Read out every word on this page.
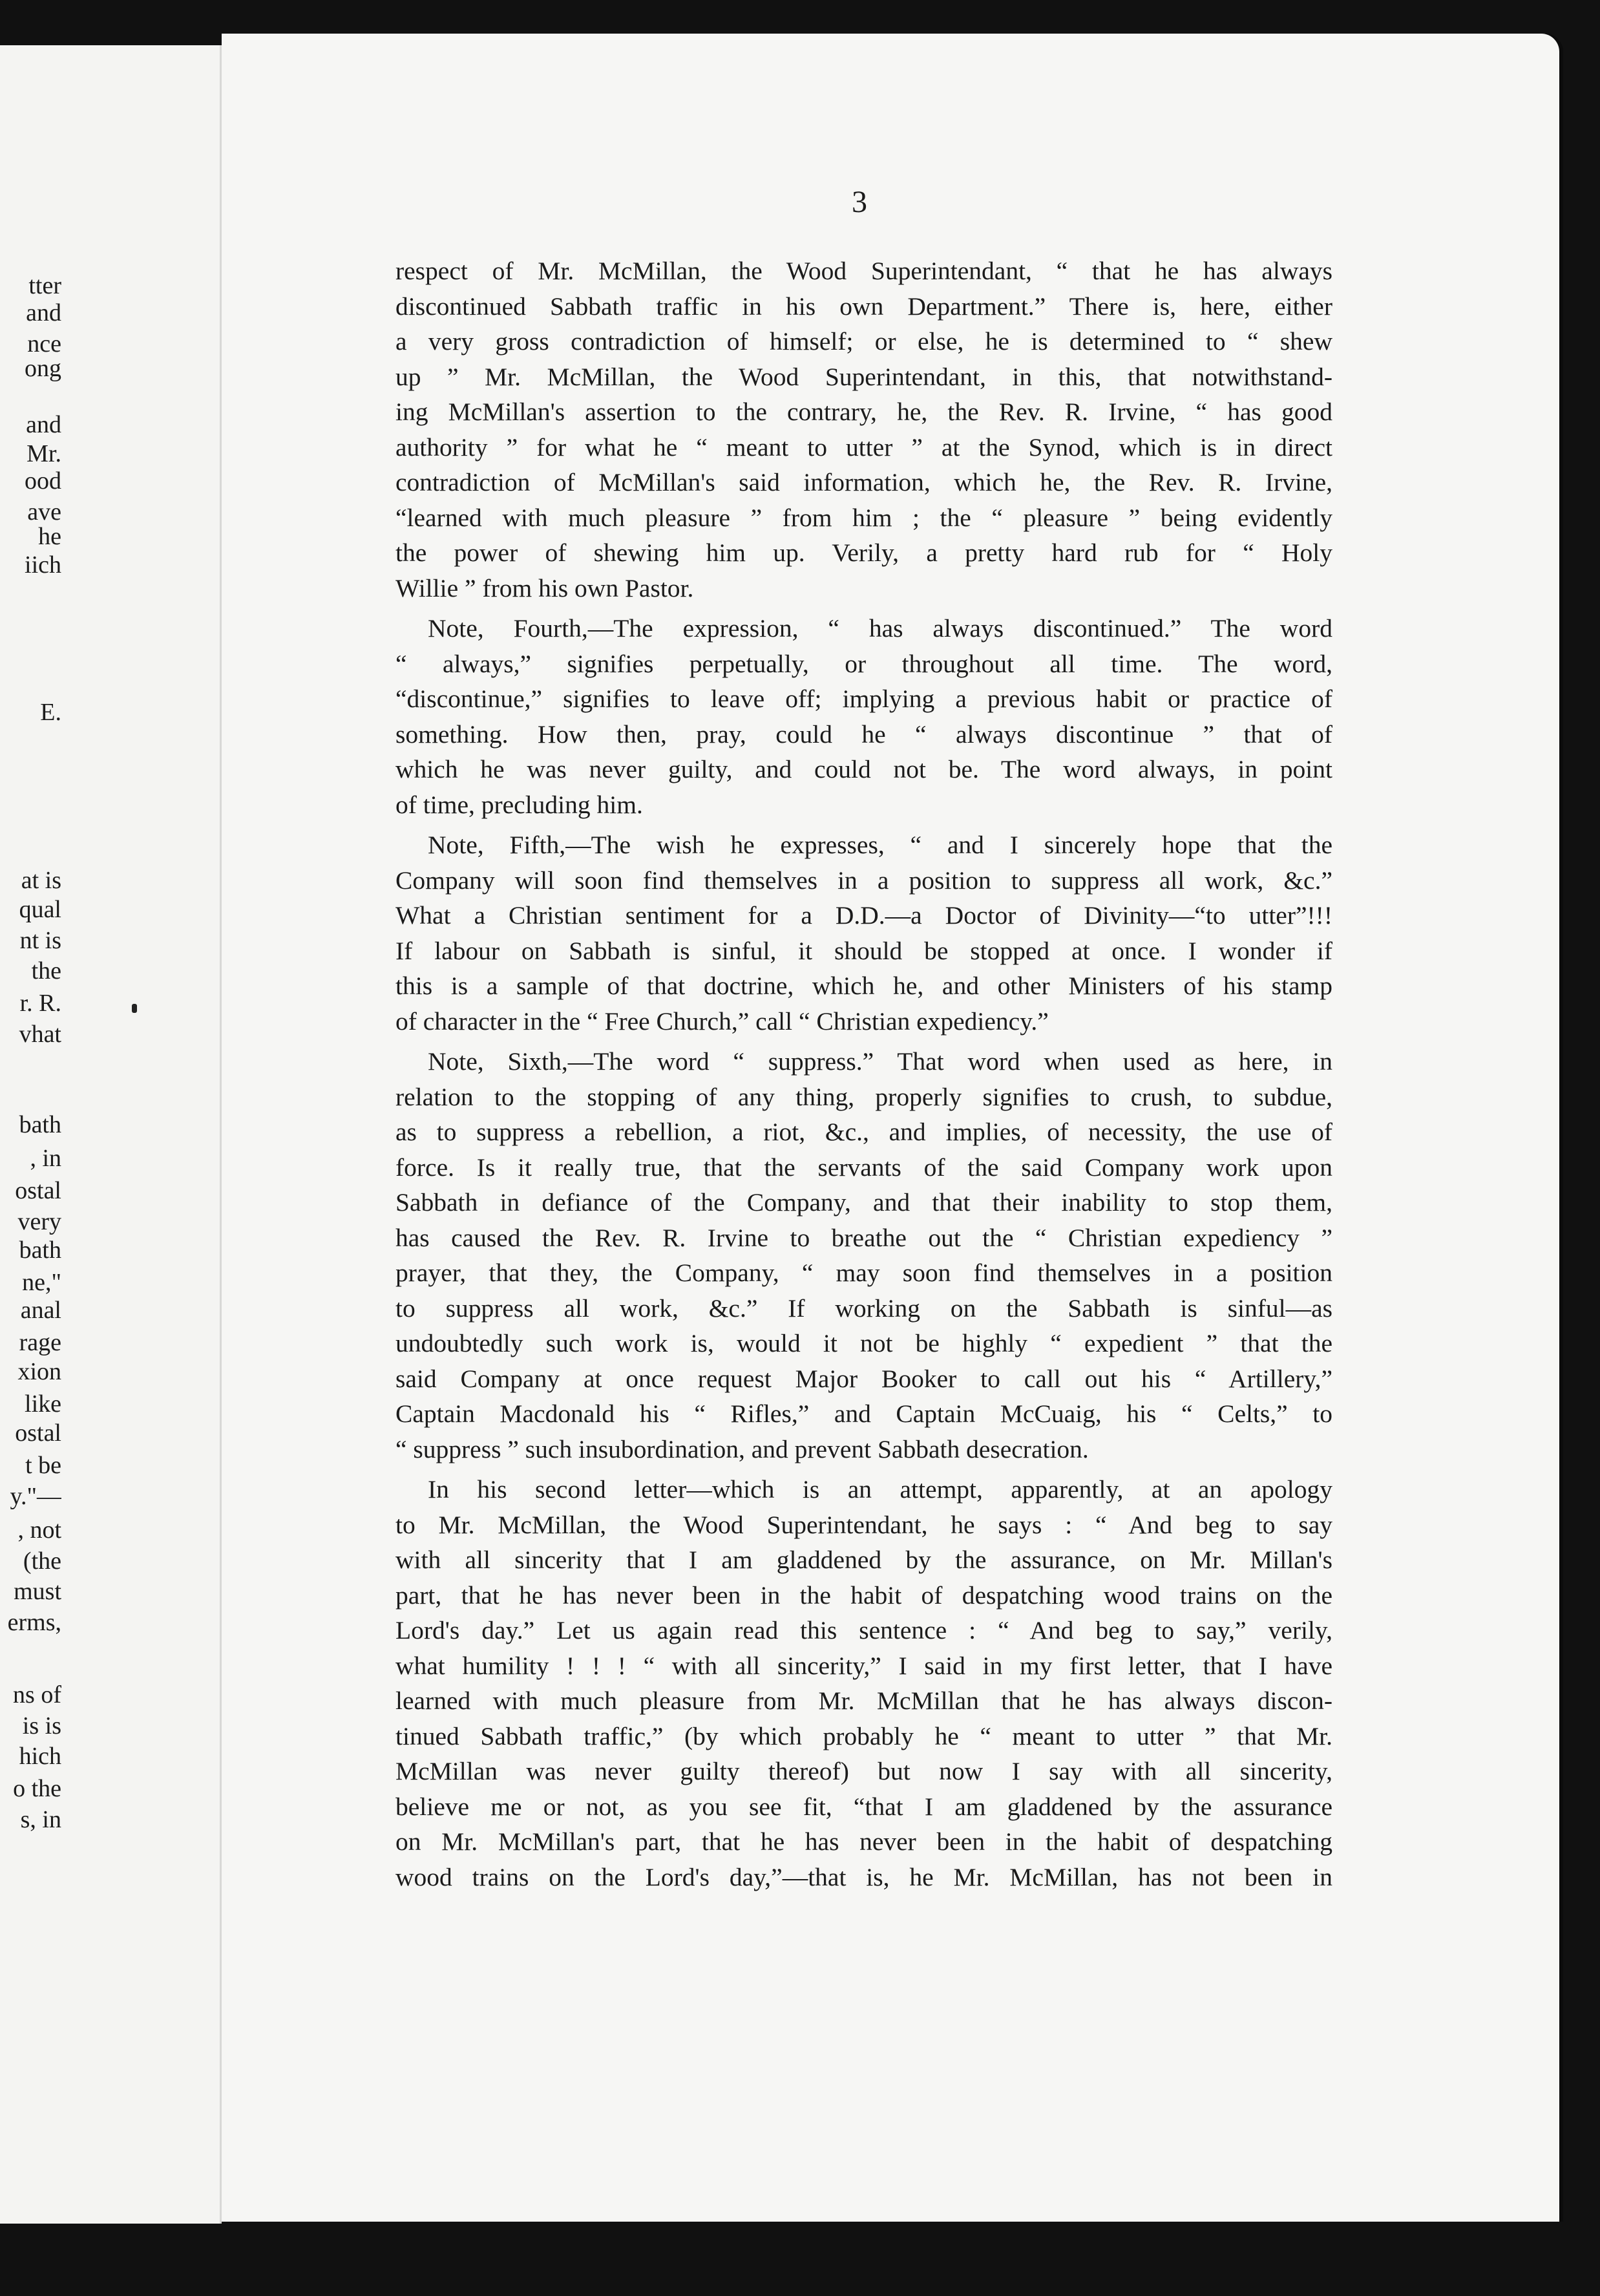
tter
and
nce
ong
and
Mr.
ood
ave
he
iich
E.
at is
qual
nt is
the
r. R.
vhat
bath
, in
ostal
very
bath
ne,"
anal
rage
xion
like
ostal
t be
y."—
, not
(the
must
erms,
ns of
is is
hich
o the
s, in
3
respect of Mr. McMillan, the Wood Superintendant, “ that he has always
discontinued Sabbath traffic in his own Department.” There is, here, either
a very gross contradiction of himself; or else, he is determined to “ shew
up ” Mr. McMillan, the Wood Superintendant, in this, that notwithstand-
ing McMillan's assertion to the contrary, he, the Rev. R. Irvine, “ has good
authority ” for what he “ meant to utter ” at the Synod, which is in direct
contradiction of McMillan's said information, which he, the Rev. R. Irvine,
“learned with much pleasure ” from him ; the “ pleasure ” being evidently
the power of shewing him up. Verily, a pretty hard rub for “ Holy
Willie ” from his own Pastor.
Note, Fourth,—The expression, “ has always discontinued.” The word
“ always,” signifies perpetually, or throughout all time. The word,
“discontinue,” signifies to leave off; implying a previous habit or practice of
something. How then, pray, could he “ always discontinue ” that of
which he was never guilty, and could not be. The word always, in point
of time, precluding him.
Note, Fifth,—The wish he expresses, “ and I sincerely hope that the
Company will soon find themselves in a position to suppress all work, &c.”
What a Christian sentiment for a D.D.—a Doctor of Divinity—“to utter”!!!
If labour on Sabbath is sinful, it should be stopped at once. I wonder if
this is a sample of that doctrine, which he, and other Ministers of his stamp
of character in the “ Free Church,” call “ Christian expediency.”
Note, Sixth,—The word “ suppress.” That word when used as here, in
relation to the stopping of any thing, properly signifies to crush, to subdue,
as to suppress a rebellion, a riot, &c., and implies, of necessity, the use of
force. Is it really true, that the servants of the said Company work upon
Sabbath in defiance of the Company, and that their inability to stop them,
has caused the Rev. R. Irvine to breathe out the “ Christian expediency ”
prayer, that they, the Company, “ may soon find themselves in a position
to suppress all work, &c.” If working on the Sabbath is sinful—as
undoubtedly such work is, would it not be highly “ expedient ” that the
said Company at once request Major Booker to call out his “ Artillery,”
Captain Macdonald his “ Rifles,” and Captain McCuaig, his “ Celts,” to
“ suppress ” such insubordination, and prevent Sabbath desecration.
In his second letter—which is an attempt, apparently, at an apology
to Mr. McMillan, the Wood Superintendant, he says : “ And beg to say
with all sincerity that I am gladdened by the assurance, on Mr. Millan's
part, that he has never been in the habit of despatching wood trains on the
Lord's day.” Let us again read this sentence : “ And beg to say,” verily,
what humility ! ! ! “ with all sincerity,” I said in my first letter, that I have
learned with much pleasure from Mr. McMillan that he has always discon-
tinued Sabbath traffic,” (by which probably he “ meant to utter ” that Mr.
McMillan was never guilty thereof) but now I say with all sincerity,
believe me or not, as you see fit, “that I am gladdened by the assurance
on Mr. McMillan's part, that he has never been in the habit of despatching
wood trains on the Lord's day,”—that is, he Mr. McMillan, has not been in
